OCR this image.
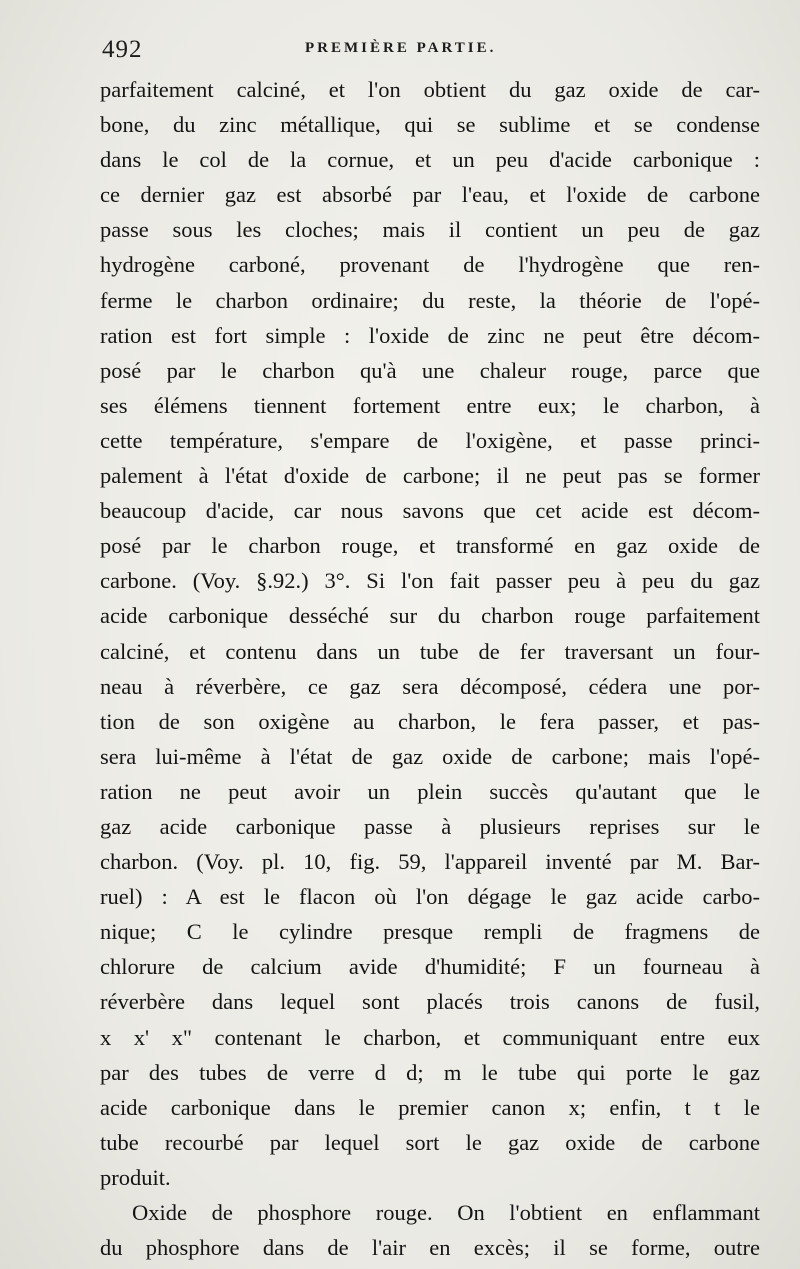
492	PREMIÈRE PARTIE.
parfaitement calciné, et l'on obtient du gaz oxide de car-
bone, du zinc métallique, qui se sublime et se condense
dans le col de la cornue, et un peu d'acide carbonique :
ce dernier gaz est absorbé par l'eau, et l'oxide de carbone
passe sous les cloches; mais il contient un peu de gaz
hydrogène carboné, provenant de l'hydrogène que ren-
ferme le charbon ordinaire; du reste, la théorie de l'opé-
ration est fort simple : l'oxide de zinc ne peut être décom-
posé par le charbon qu'à une chaleur rouge, parce que
ses élémens tiennent fortement entre eux; le charbon, à
cette température, s'empare de l'oxigène, et passe princi-
palement à l'état d'oxide de carbone; il ne peut pas se former
beaucoup d'acide, car nous savons que cet acide est décom-
posé par le charbon rouge, et transformé en gaz oxide de
carbone. (Voy. §.92.) 3°. Si l'on fait passer peu à peu du gaz
acide carbonique desséché sur du charbon rouge parfaitement
calciné, et contenu dans un tube de fer traversant un four-
neau à réverbère, ce gaz sera décomposé, cédera une por-
tion de son oxigène au charbon, le fera passer, et pas-
sera lui-même à l'état de gaz oxide de carbone; mais l'opé-
ration ne peut avoir un plein succès qu'autant que le
gaz acide carbonique passe à plusieurs reprises sur le
charbon. (Voy. pl. 10, fig. 59, l'appareil inventé par M. Bar-
ruel) : A est le flacon où l'on dégage le gaz acide carbo-
nique; C le cylindre presque rempli de fragmens de
chlorure de calcium avide d'humidité; F un fourneau à
réverbère dans lequel sont placés trois canons de fusil,
x x' x" contenant le charbon, et communiquant entre eux
par des tubes de verre d d; m le tube qui porte le gaz
acide carbonique dans le premier canon x; enfin, t t le
tube recourbé par lequel sort le gaz oxide de carbone
produit.
Oxide de phosphore rouge. On l'obtient en enflammant
du phosphore dans de l'air en excès; il se forme, outre
